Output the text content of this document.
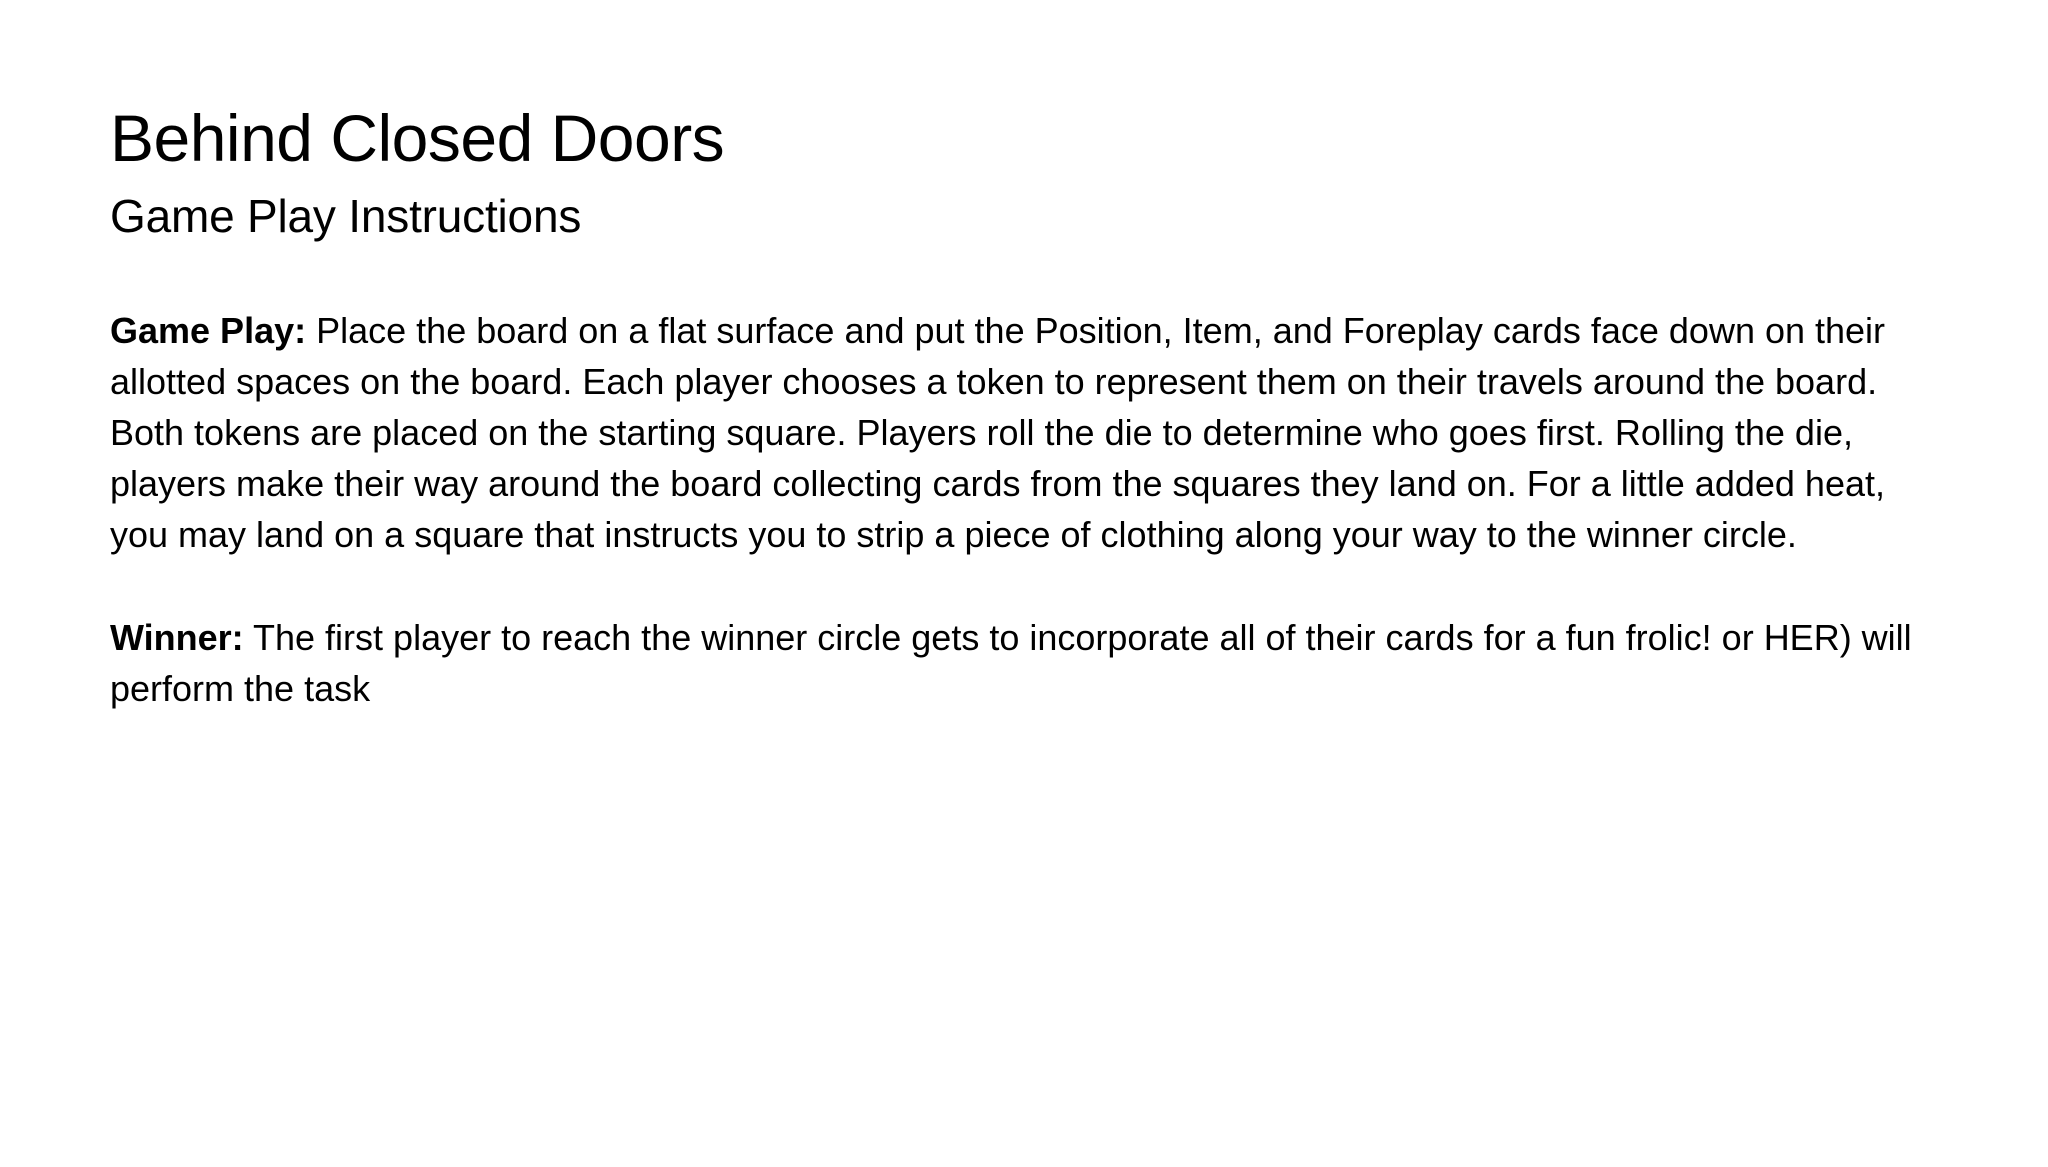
Behind Closed Doors
Game Play Instructions

Game Play: Place the board on a flat surface and put the Position, Item, and Foreplay cards face down on their allotted spaces on the board. Each player chooses a token to represent them on their travels around the board. Both tokens are placed on the starting square. Players roll the die to determine who goes first. Rolling the die, players make their way around the board collecting cards from the squares they land on. For a little added heat, you may land on a square that instructs you to strip a piece of clothing along your way to the winner circle.

Winner: The first player to reach the winner circle gets to incorporate all of their cards for a fun frolic! or HER) will perform the task
